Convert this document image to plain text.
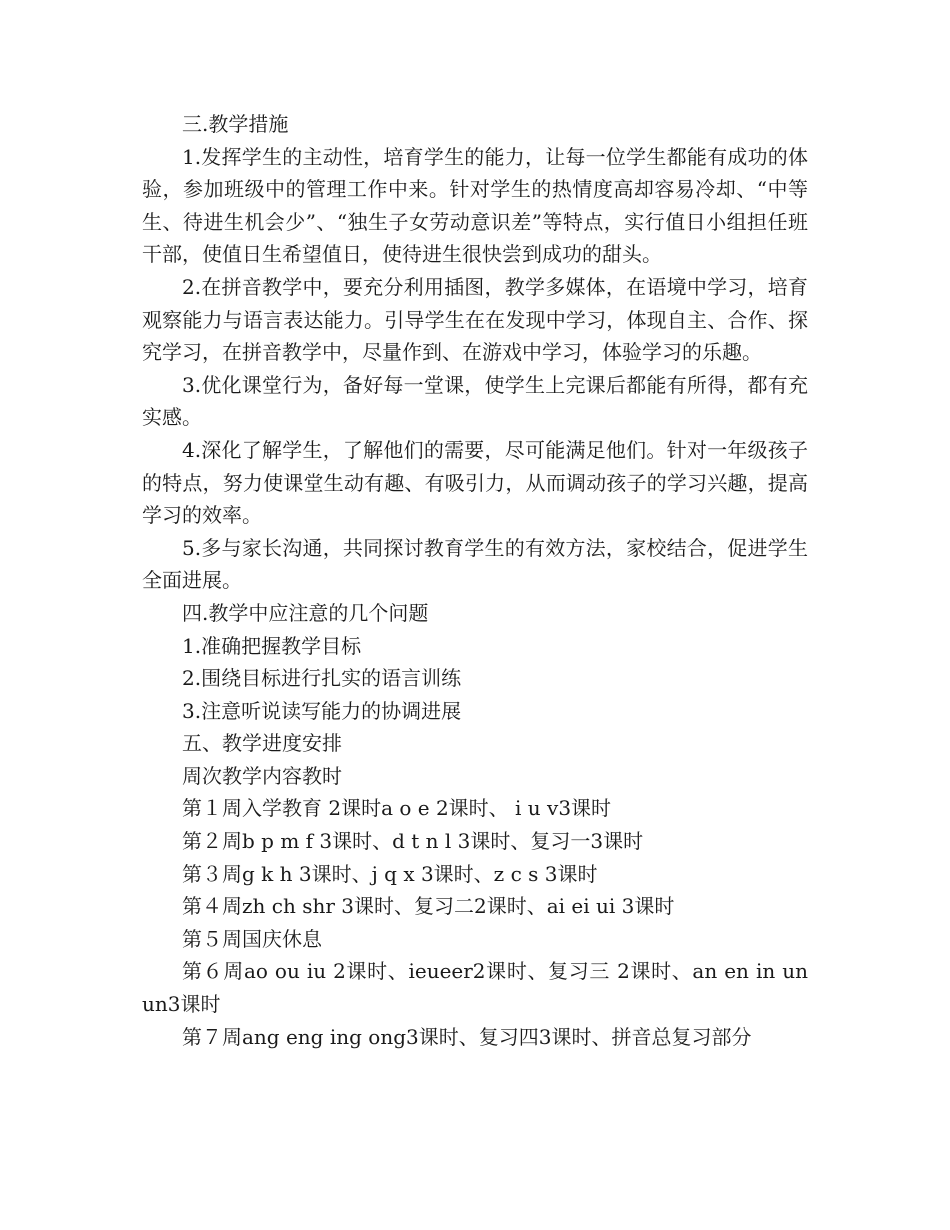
三.教学措施

1.发挥学生的主动性，培育学生的能力，让每一位学生都能有成功的体验，参加班级中的管理工作中来。针对学生的热情度高却容易冷却、“中等生、待进生机会少”、“独生子女劳动意识差”等特点，实行值日小组担任班干部，使值日生希望值日，使待进生很快尝到成功的甜头。

2.在拼音教学中，要充分利用插图，教学多媒体，在语境中学习，培育观察能力与语言表达能力。引导学生在在发现中学习，体现自主、合作、探究学习，在拼音教学中，尽量作到、在游戏中学习，体验学习的乐趣。

3.优化课堂行为，备好每一堂课，使学生上完课后都能有所得，都有充实感。

4.深化了解学生，了解他们的需要，尽可能满足他们。针对一年级孩子的特点，努力使课堂生动有趣、有吸引力，从而调动孩子的学习兴趣，提高学习的效率。

5.多与家长沟通，共同探讨教育学生的有效方法，家校结合，促进学生全面进展。

四.教学中应注意的几个问题

1.准确把握教学目标

2.围绕目标进行扎实的语言训练

3.注意听说读写能力的协调进展

五、教学进度安排

周次教学内容教时

第１周入学教育 2课时a o e 2课时、 i u v3课时

第２周b p m f 3课时、d t n l 3课时、复习一3课时

第３周g k h 3课时、j q x 3课时、z c s 3课时

第４周zh ch shr 3课时、复习二2课时、ai ei ui 3课时

第５周国庆休息

第６周ao ou iu 2课时、ieueer2课时、复习三 2课时、an en in un un3课时

第７周ang eng ing ong3课时、复习四3课时、拼音总复习部分
